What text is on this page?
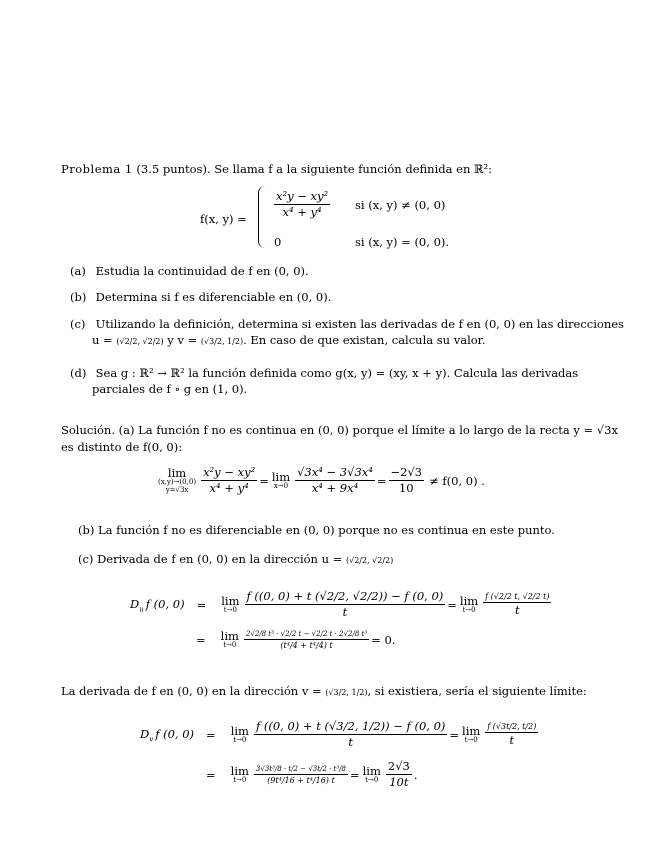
Problema 1 (3.5 puntos). Se llama f a la siguiente función definida en ℝ²:
f(x, $y) = \frac{\text{x²y − xy²}}{\text{x⁴ + y⁴}}$ si (x, y) ≠ (0, 0)
0	si (x, y) = (0, 0).
(a) Estudia la continuidad de f en (0, 0).
(b) Determina si f es diferenciable en (0, 0).
(c) Utilizando la definición, determina si existen las derivadas de f en (0, 0) en las direcciones
u = (√2/2, √2/2) y v = (√3/2, 1/2). En caso de que existan, calcula su valor.
(d) Sea g : ℝ² → ℝ² la función definida como g(x, y) = (xy, x + y). Calcula las derivadas
parciales de f ∘ g en (1, 0).
Solución. (a) La función f no es continua en (0, 0) porque el límite a lo largo de la recta y = √3x
es distinto de f(0, 0):
lim
(x,y)→(0,0)
$y=√3x \frac{\text{x²y − xy²}}{\text{x⁴ + y⁴}} = \lim$
$x\to 0 \frac{\text{√3x⁴ − 3√3x⁴}}{\text{x⁴ + 9x⁴}} = \frac{-2√3}{10} \ne f(0$, 0) .
(b) La función f no es diferenciable en (0, 0) porque no es continua en este punto.
(c) Derivada de f en (0, 0) en la dirección u = (√2/2, √2/2)
$D_u$ f (0, 0) = lim
$t\to 0 \frac{f ((0, 0) + t (√2/2, √2/2)) - f (0, 0)}{t} = \lim$
$t\to 0 \frac{f (√2/2 t, √2/2 t)}{t}$
= lim
$t\to 0 \frac{\text{2√2/8 t³ · √2/2 t − √2/2 t · 2√2/8 t³}}{\text{(t⁴/4 + t⁴/4) t}} = 0$.
La derivada de f en (0, 0) en la dirección v = (√3/2, 1/2), si existiera, sería el siguiente límite:
$D_v$ f (0, 0) = lim
$t\to 0 \frac{f ((0, 0) + t (√3/2, 1/2)) - f (0, 0)}{t} = \lim$
$t\to 0 \frac{f (√3t/2, t/2)}{t}$
= lim
$t\to 0 \frac{\text{3√3t³/8 · t/2 − √3t/2 · t³/8}}{\text{(9t⁴/16 + t⁴/16) t}} = \lim$
$t\to 0 \frac{2√3}{10t}$ .
